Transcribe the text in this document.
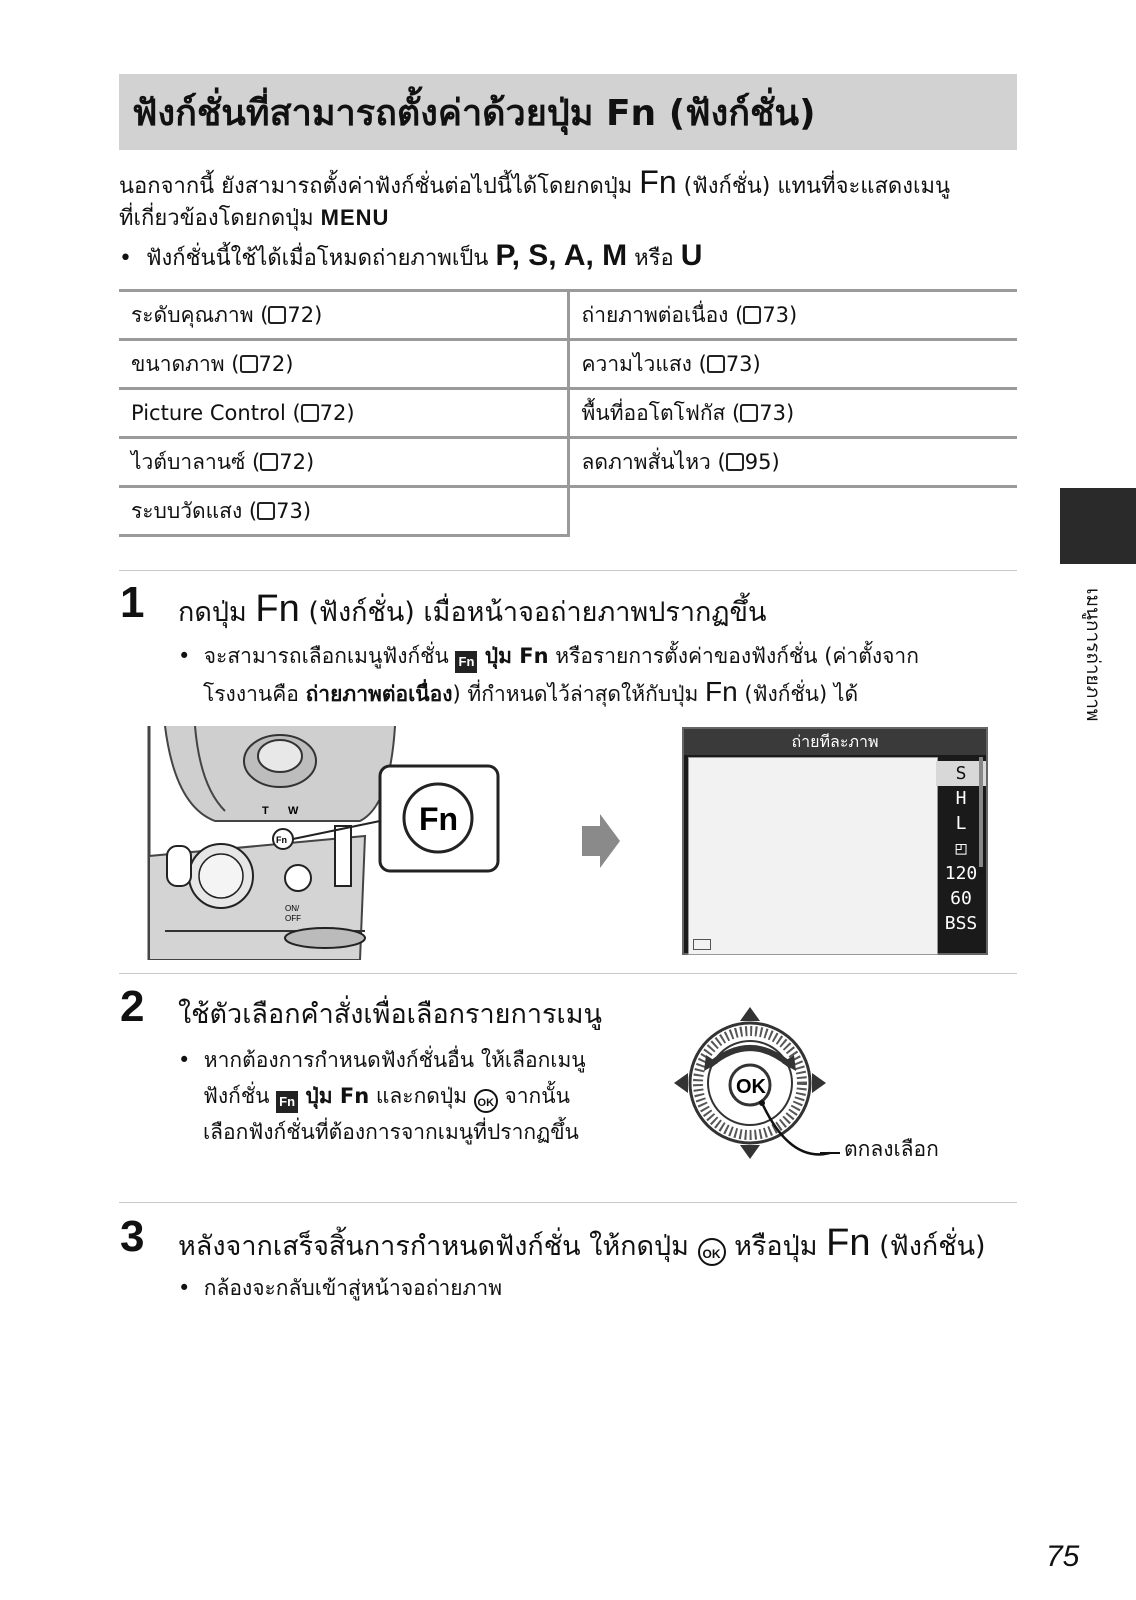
ฟังก์ชั่นที่สามารถตั้งค่าด้วยปุ่ม Fn (ฟังก์ชั่น)
นอกจากนี้ ยังสามารถตั้งค่าฟังก์ชั่นต่อไปนี้ได้โดยกดปุ่ม Fn (ฟังก์ชั่น) แทนที่จะแสดงเมนู
ที่เกี่ยวข้องโดยกดปุ่ม MENU
•  ฟังก์ชั่นนี้ใช้ได้เมื่อโหมดถ่ายภาพเป็น P, S, A, M หรือ U
ระดับคุณภาพ ( 72)	ถ่ายภาพต่อเนื่อง ( 73)
ขนาดภาพ ( 72)	ความไวแสง ( 73)
Picture Control ( 72)	พื้นที่ออโตโฟกัส ( 73)
ไวต์บาลานซ์ ( 72)	ลดภาพสั่นไหว ( 95)
ระบบวัดแสง ( 73)	
1 กดปุ่ม Fn (ฟังก์ชั่น) เมื่อหน้าจอถ่ายภาพปรากฏขึ้น
•  จะสามารถเลือกเมนูฟังก์ชั่น Fn ปุ่ม Fn หรือรายการตั้งค่าของฟังก์ชั่น (ค่าตั้งจาก
โรงงานคือ ถ่ายภาพต่อเนื่อง) ที่กำหนดไว้ล่าสุดให้กับปุ่ม Fn (ฟังก์ชั่น) ได้
Fn
T W
ON/
OFF
Fn
ถ่ายทีละภาพ
S
H
L
◰
120
60
BSS
2 ใช้ตัวเลือกคำสั่งเพื่อเลือกรายการเมนู
•  หากต้องการกำหนดฟังก์ชั่นอื่น ให้เลือกเมนู
ฟังก์ชั่น Fn ปุ่ม Fn และกดปุ่ม OK จากนั้น
เลือกฟังก์ชั่นที่ต้องการจากเมนูที่ปรากฏขึ้น
OK
ตกลงเลือก
3 หลังจากเสร็จสิ้นการกำหนดฟังก์ชั่น ให้กดปุ่ม OK หรือปุ่ม Fn (ฟังก์ชั่น)
•  กล้องจะกลับเข้าสู่หน้าจอถ่ายภาพ
เมนูการถ่ายภาพ
75
